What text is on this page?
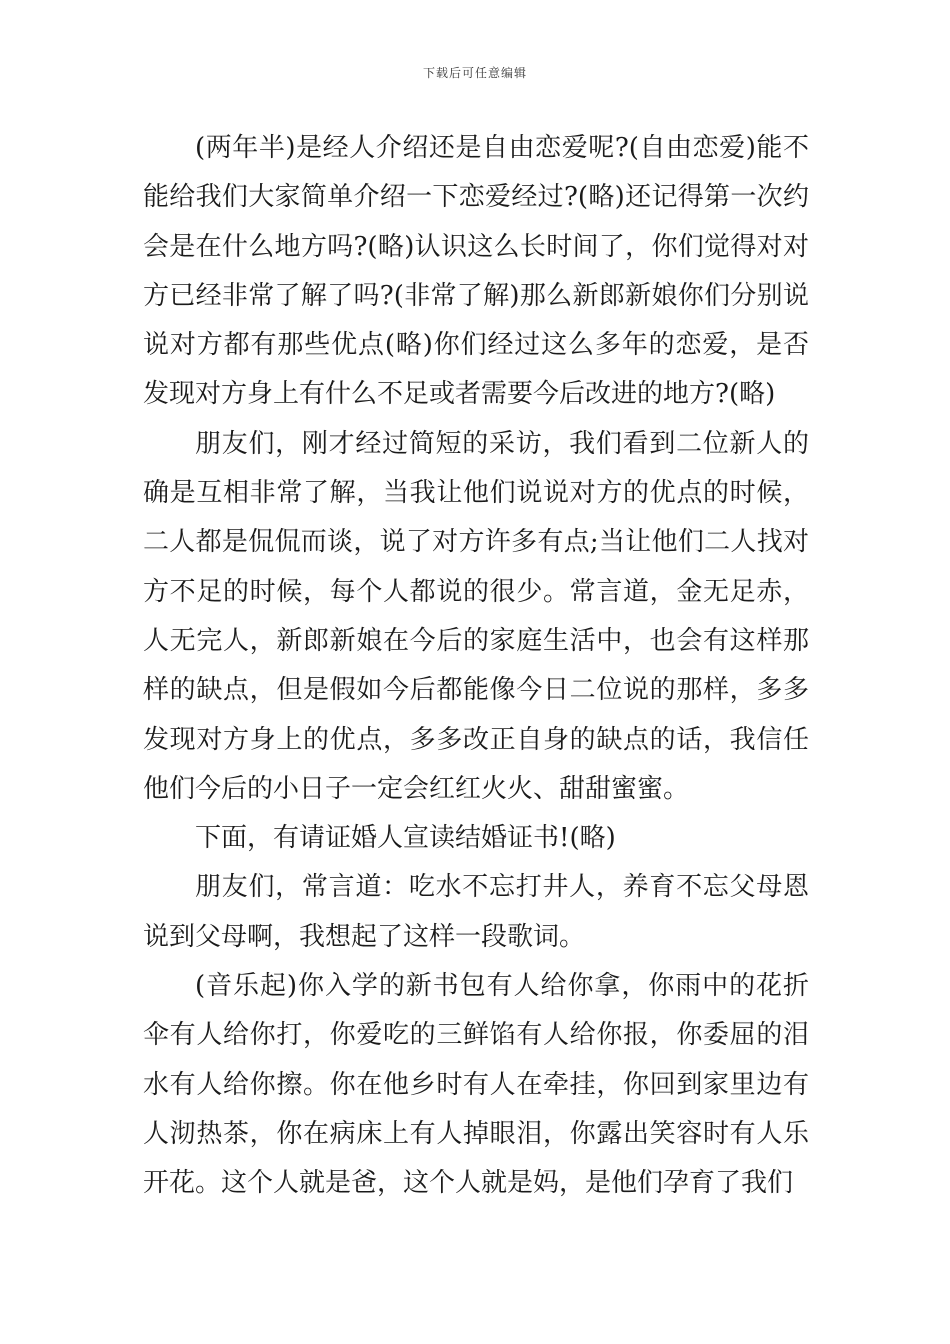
下载后可任意编辑

(两年半)是经人介绍还是自由恋爱呢?(自由恋爱)能不能给我们大家简单介绍一下恋爱经过?(略)还记得第一次约会是在什么地方吗?(略)认识这么长时间了，你们觉得对对方已经非常了解了吗?(非常了解)那么新郎新娘你们分别说说对方都有那些优点(略)你们经过这么多年的恋爱，是否发现对方身上有什么不足或者需要今后改进的地方?(略)

朋友们，刚才经过简短的采访，我们看到二位新人的确是互相非常了解，当我让他们说说对方的优点的时候，二人都是侃侃而谈，说了对方许多有点;当让他们二人找对方不足的时候，每个人都说的很少。常言道，金无足赤，人无完人，新郎新娘在今后的家庭生活中，也会有这样那样的缺点，但是假如今后都能像今日二位说的那样，多多发现对方身上的优点，多多改正自身的缺点的话，我信任他们今后的小日子一定会红红火火、甜甜蜜蜜。

下面，有请证婚人宣读结婚证书!(略)

朋友们，常言道：吃水不忘打井人，养育不忘父母恩说到父母啊，我想起了这样一段歌词。

(音乐起)你入学的新书包有人给你拿，你雨中的花折伞有人给你打，你爱吃的三鲜馅有人给你报，你委屈的泪水有人给你擦。你在他乡时有人在牵挂，你回到家里边有人沏热茶，你在病床上有人掉眼泪，你露出笑容时有人乐开花。这个人就是爸，这个人就是妈，是他们孕育了我们
